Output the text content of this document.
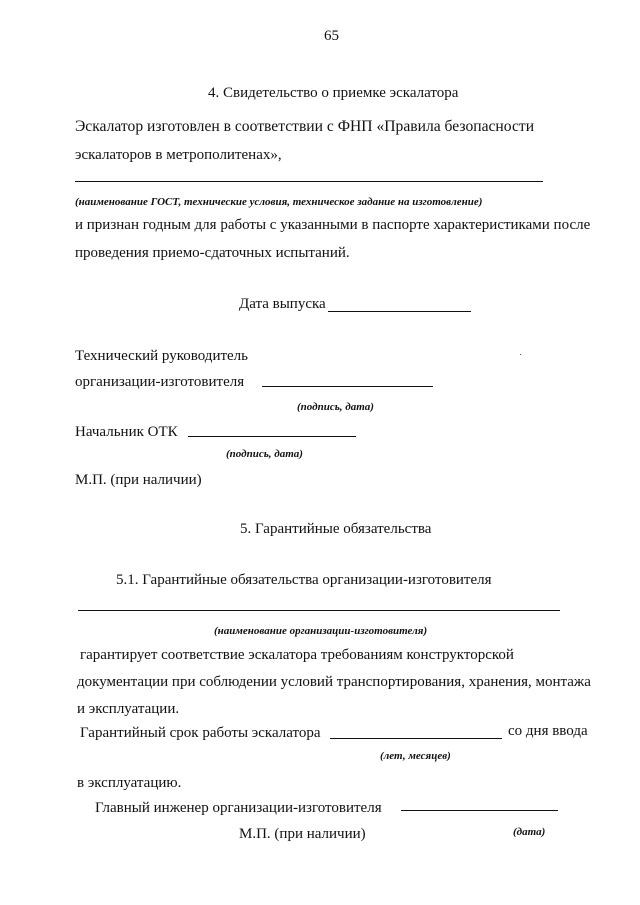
65
4. Свидетельство о приемке эскалатора
Эскалатор изготовлен в соответствии с ФНП «Правила безопасности
эскалаторов в метрополитенах»,
(наименование ГОСТ, технические условия, техническое задание на изготовление)
и признан годным для работы с указанными в паспорте характеристиками после
проведения приемо-сдаточных испытаний.
Дата выпуска
Технический руководитель
организации-изготовителя
(подпись, дата)
Начальник ОТК
(подпись, дата)
М.П. (при наличии)
5. Гарантийные обязательства
5.1. Гарантийные обязательства организации-изготовителя
(наименование организации-изготовителя)
гарантирует соответствие эскалатора требованиям конструкторской
документации при соблюдении условий транспортирования, хранения, монтажа
и эксплуатации.
Гарантийный срок работы эскалатора	со дня ввода
(лет, месяцев)
в эксплуатацию.
Главный инженер организации-изготовителя
М.П. (при наличии)	(дата)
